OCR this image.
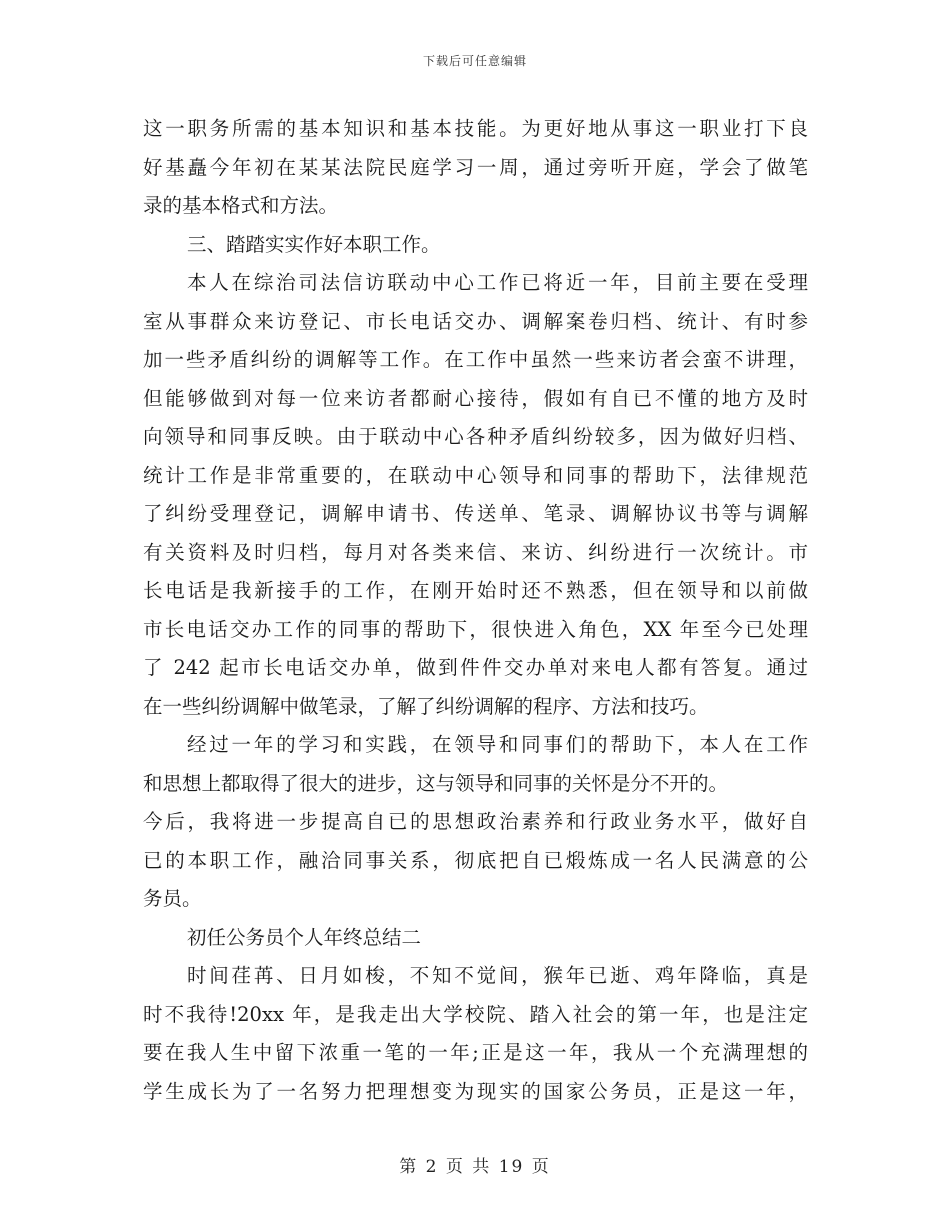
下载后可任意编辑
这一职务所需的基本知识和基本技能。为更好地从事这一职业打下良
好基矗今年初在某某法院民庭学习一周，通过旁听开庭，学会了做笔
录的基本格式和方法。
三、踏踏实实作好本职工作。
本人在综治司法信访联动中心工作已将近一年，目前主要在受理
室从事群众来访登记、市长电话交办、调解案卷归档、统计、有时参
加一些矛盾纠纷的调解等工作。在工作中虽然一些来访者会蛮不讲理，
但能够做到对每一位来访者都耐心接待，假如有自已不懂的地方及时
向领导和同事反映。由于联动中心各种矛盾纠纷较多，因为做好归档、
统计工作是非常重要的，在联动中心领导和同事的帮助下，法律规范
了纠纷受理登记，调解申请书、传送单、笔录、调解协议书等与调解
有关资料及时归档，每月对各类来信、来访、纠纷进行一次统计。市
长电话是我新接手的工作，在刚开始时还不熟悉，但在领导和以前做
市长电话交办工作的同事的帮助下，很快进入角色，XX 年至今已处理
了 242 起市长电话交办单，做到件件交办单对来电人都有答复。通过
在一些纠纷调解中做笔录，了解了纠纷调解的程序、方法和技巧。
经过一年的学习和实践，在领导和同事们的帮助下，本人在工作
和思想上都取得了很大的进步，这与领导和同事的关怀是分不开的。
今后，我将进一步提高自已的思想政治素养和行政业务水平，做好自
已的本职工作，融洽同事关系，彻底把自已煅炼成一名人民满意的公
务员。
初任公务员个人年终总结二
时间荏苒、日月如梭，不知不觉间，猴年已逝、鸡年降临，真是
时不我待!20xx 年，是我走出大学校院、踏入社会的第一年，也是注定
要在我人生中留下浓重一笔的一年;正是这一年，我从一个充满理想的
学生成长为了一名努力把理想变为现实的国家公务员，正是这一年，
第 2 页 共 19 页
